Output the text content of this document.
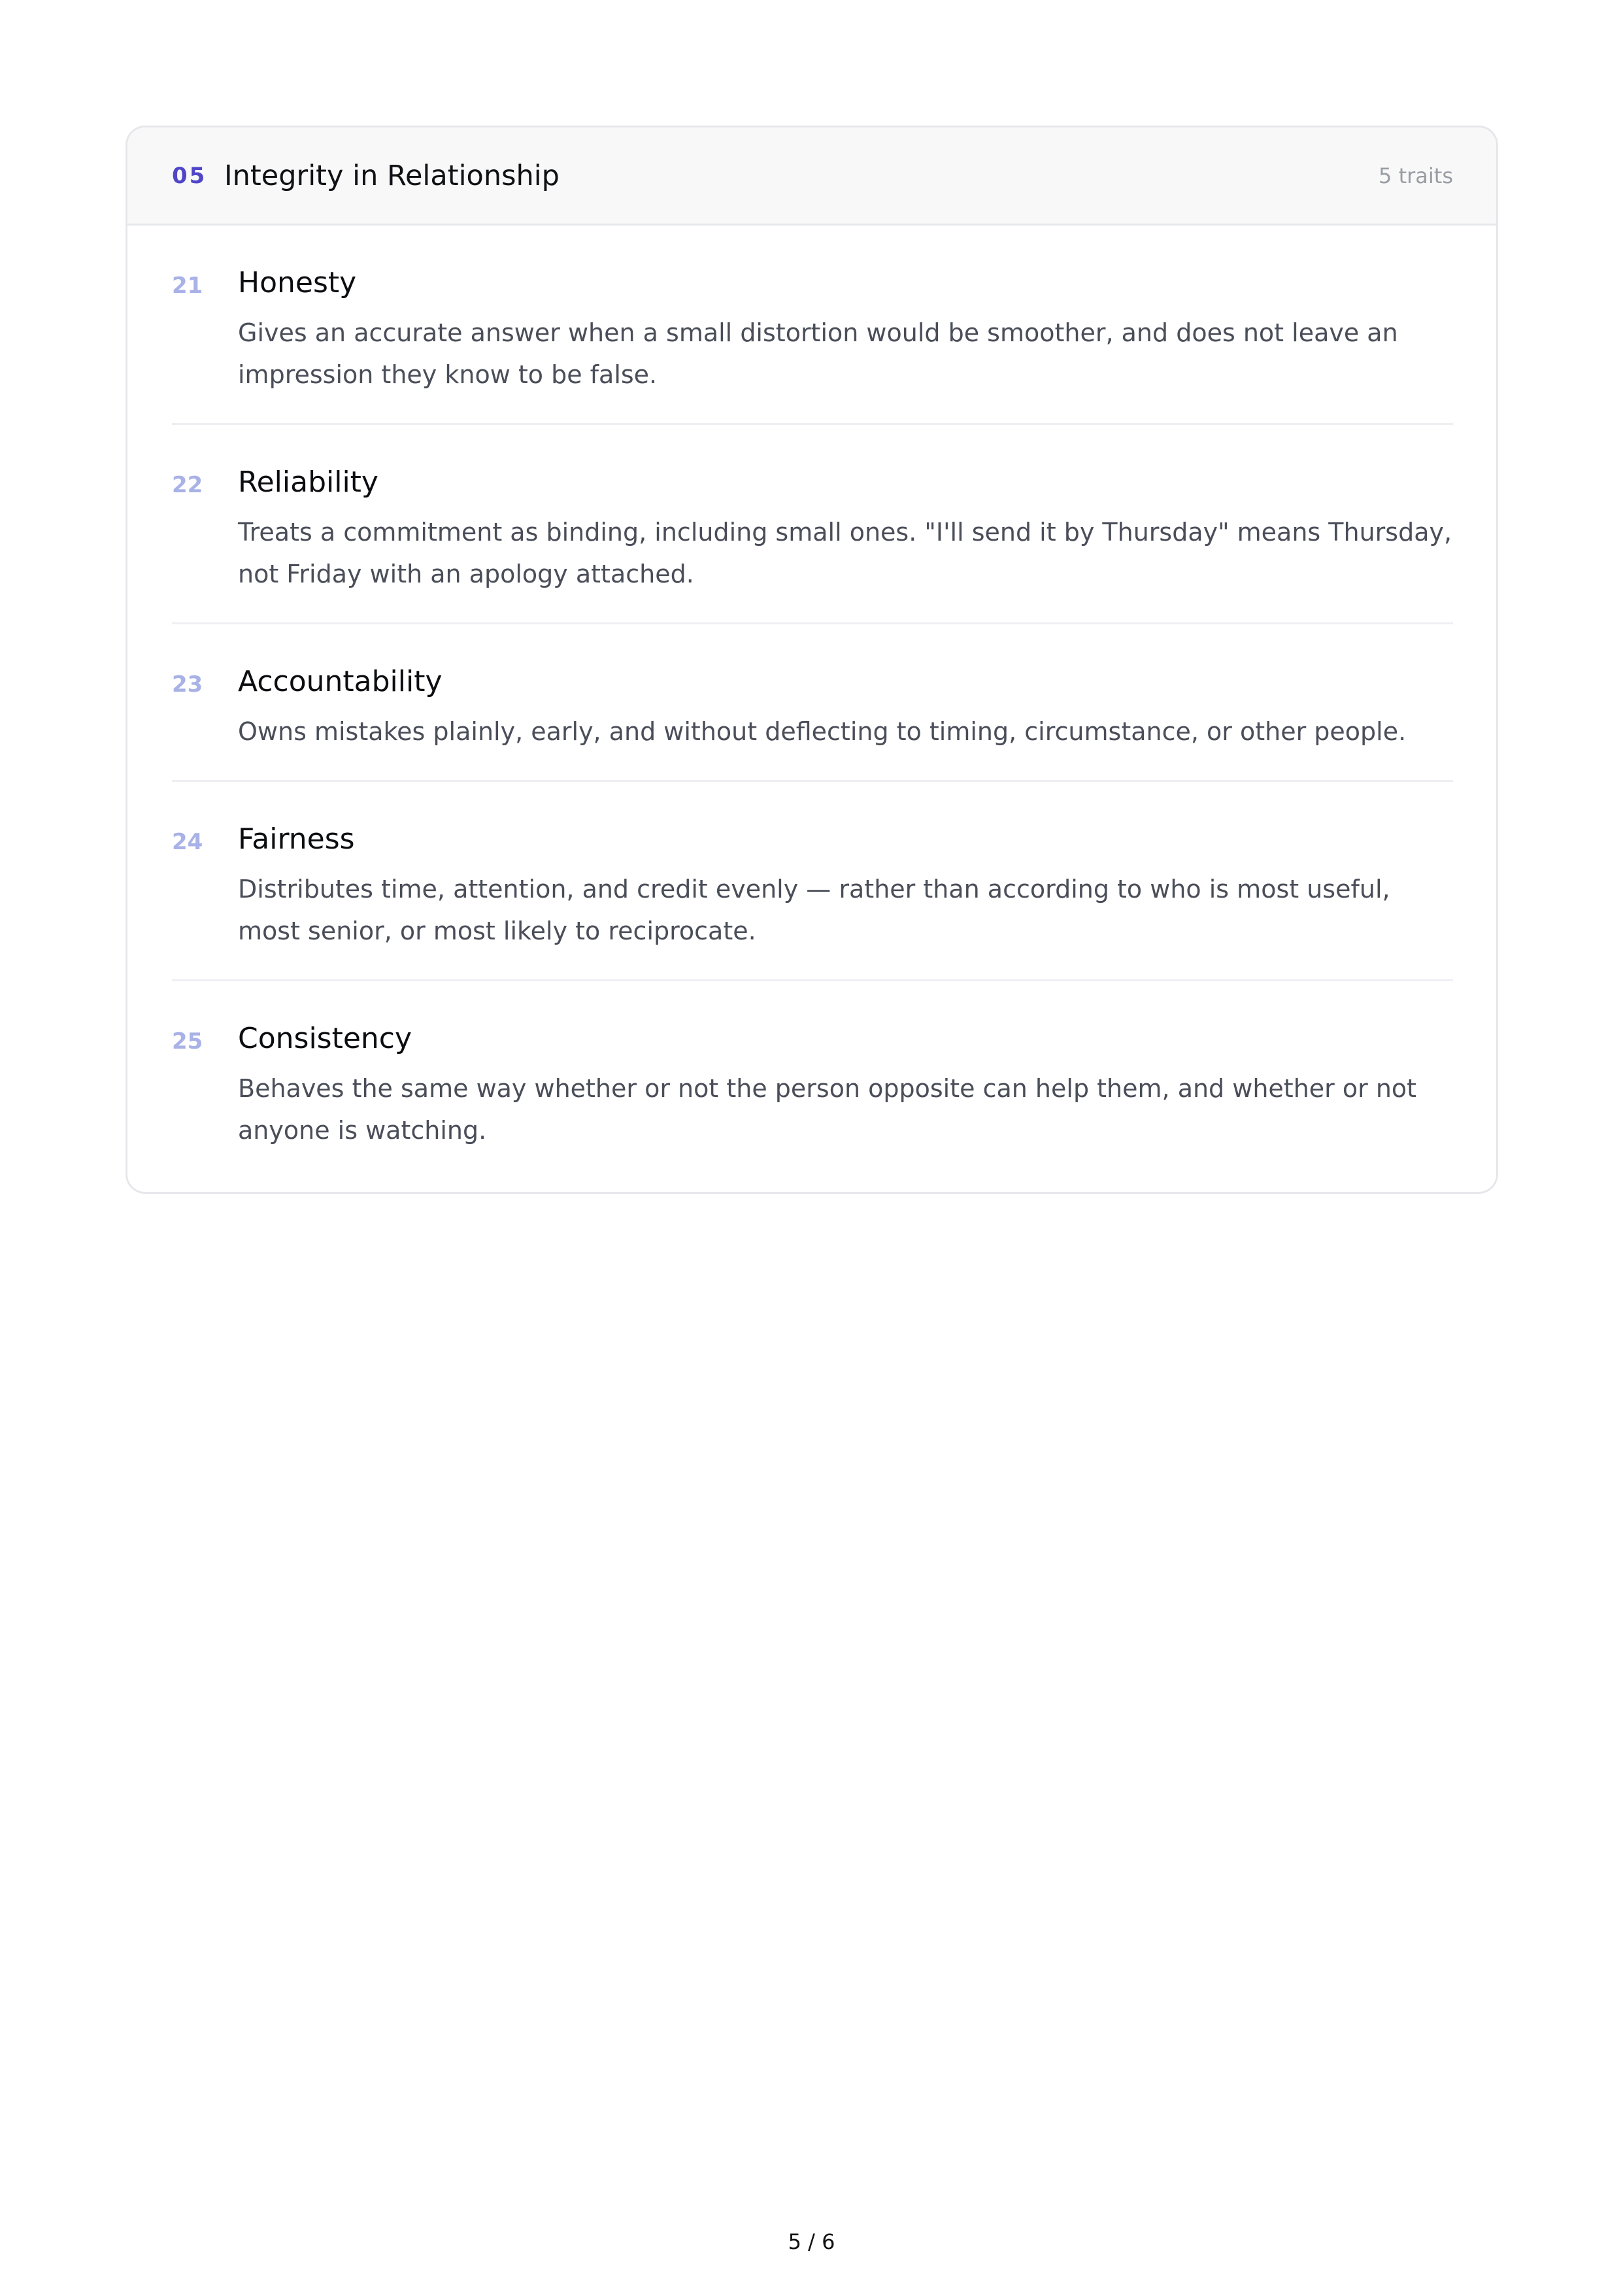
05 Integrity in Relationship	5 traits
21	Honesty
Gives an accurate answer when a small distortion would be smoother, and does not leave an impression they know to be false.
22	Reliability
Treats a commitment as binding, including small ones. "I'll send it by Thursday" means Thursday, not Friday with an apology attached.
23	Accountability
Owns mistakes plainly, early, and without deflecting to timing, circumstance, or other people.
24	Fairness
Distributes time, attention, and credit evenly — rather than according to who is most useful, most senior, or most likely to reciprocate.
25	Consistency
Behaves the same way whether or not the person opposite can help them, and whether or not anyone is watching.
5 / 6
